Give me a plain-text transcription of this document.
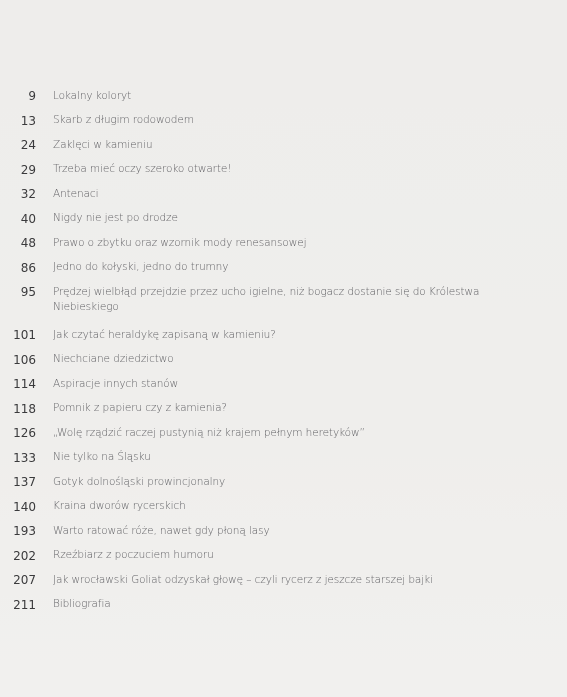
9 Lokalny koloryt
13 Skarb z długim rodowodem
24 Zaklęci w kamieniu
29 Trzeba mieć oczy szeroko otwarte!
32 Antenaci
40 Nigdy nie jest po drodze
48 Prawo o zbytku oraz wzornik mody renesansowej
86 Jedno do kołyski, jedno do trumny
95 Prędzej wielbłąd przejdzie przez ucho igielne, niż bogacz dostanie się do Królestwa Niebieskiego
101 Jak czytać heraldykę zapisaną w kamieniu?
106 Niechciane dziedzictwo
114 Aspiracje innych stanów
118 Pomnik z papieru czy z kamienia?
126 „Wolę rządzić raczej pustynią niż krajem pełnym heretyków”
133 Nie tylko na Śląsku
137 Gotyk dolnośląski prowincjonalny
140 Kraina dworów rycerskich
193 Warto ratować róże, nawet gdy płoną lasy
202 Rzeźbiarz z poczuciem humoru
207 Jak wrocławski Goliat odzyskał głowę – czyli rycerz z jeszcze starszej bajki
211 Bibliografia
